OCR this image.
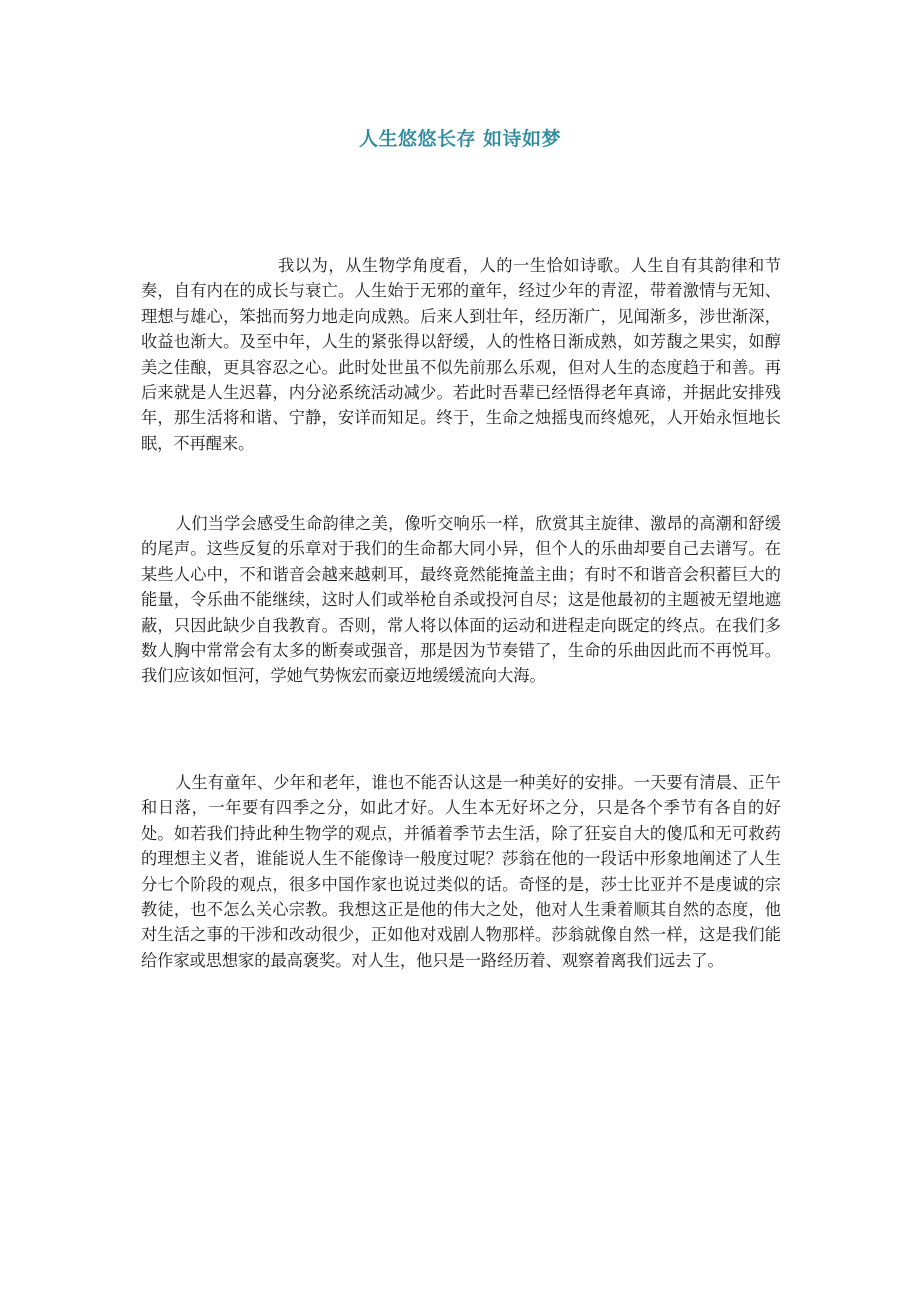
人生悠悠长存 如诗如梦

我以为，从生物学角度看，人的一生恰如诗歌。人生自有其韵律和节奏，自有内在的成长与衰亡。人生始于无邪的童年，经过少年的青涩，带着激情与无知、理想与雄心，笨拙而努力地走向成熟。后来人到壮年，经历渐广，见闻渐多，涉世渐深，收益也渐大。及至中年，人生的紧张得以舒缓，人的性格日渐成熟，如芳馥之果实，如醇美之佳酿，更具容忍之心。此时处世虽不似先前那么乐观，但对人生的态度趋于和善。再后来就是人生迟暮，内分泌系统活动减少。若此时吾辈已经悟得老年真谛，并据此安排残年，那生活将和谐、宁静，安详而知足。终于，生命之烛摇曳而终熄死，人开始永恒地长眠，不再醒来。

人们当学会感受生命韵律之美，像听交响乐一样，欣赏其主旋律、激昂的高潮和舒缓的尾声。这些反复的乐章对于我们的生命都大同小异，但个人的乐曲却要自己去谱写。在某些人心中，不和谐音会越来越刺耳，最终竟然能掩盖主曲；有时不和谐音会积蓄巨大的能量，令乐曲不能继续，这时人们或举枪自杀或投河自尽；这是他最初的主题被无望地遮蔽，只因此缺少自我教育。否则，常人将以体面的运动和进程走向既定的终点。在我们多数人胸中常常会有太多的断奏或强音，那是因为节奏错了，生命的乐曲因此而不再悦耳。我们应该如恒河，学她气势恢宏而豪迈地缓缓流向大海。

人生有童年、少年和老年，谁也不能否认这是一种美好的安排。一天要有清晨、正午和日落，一年要有四季之分，如此才好。人生本无好坏之分，只是各个季节有各自的好处。如若我们持此种生物学的观点，并循着季节去生活，除了狂妄自大的傻瓜和无可救药的理想主义者，谁能说人生不能像诗一般度过呢？莎翁在他的一段话中形象地阐述了人生分七个阶段的观点，很多中国作家也说过类似的话。奇怪的是，莎士比亚并不是虔诚的宗教徒，也不怎么关心宗教。我想这正是他的伟大之处，他对人生秉着顺其自然的态度，他对生活之事的干涉和改动很少，正如他对戏剧人物那样。莎翁就像自然一样，这是我们能给作家或思想家的最高褒奖。对人生，他只是一路经历着、观察着离我们远去了。
